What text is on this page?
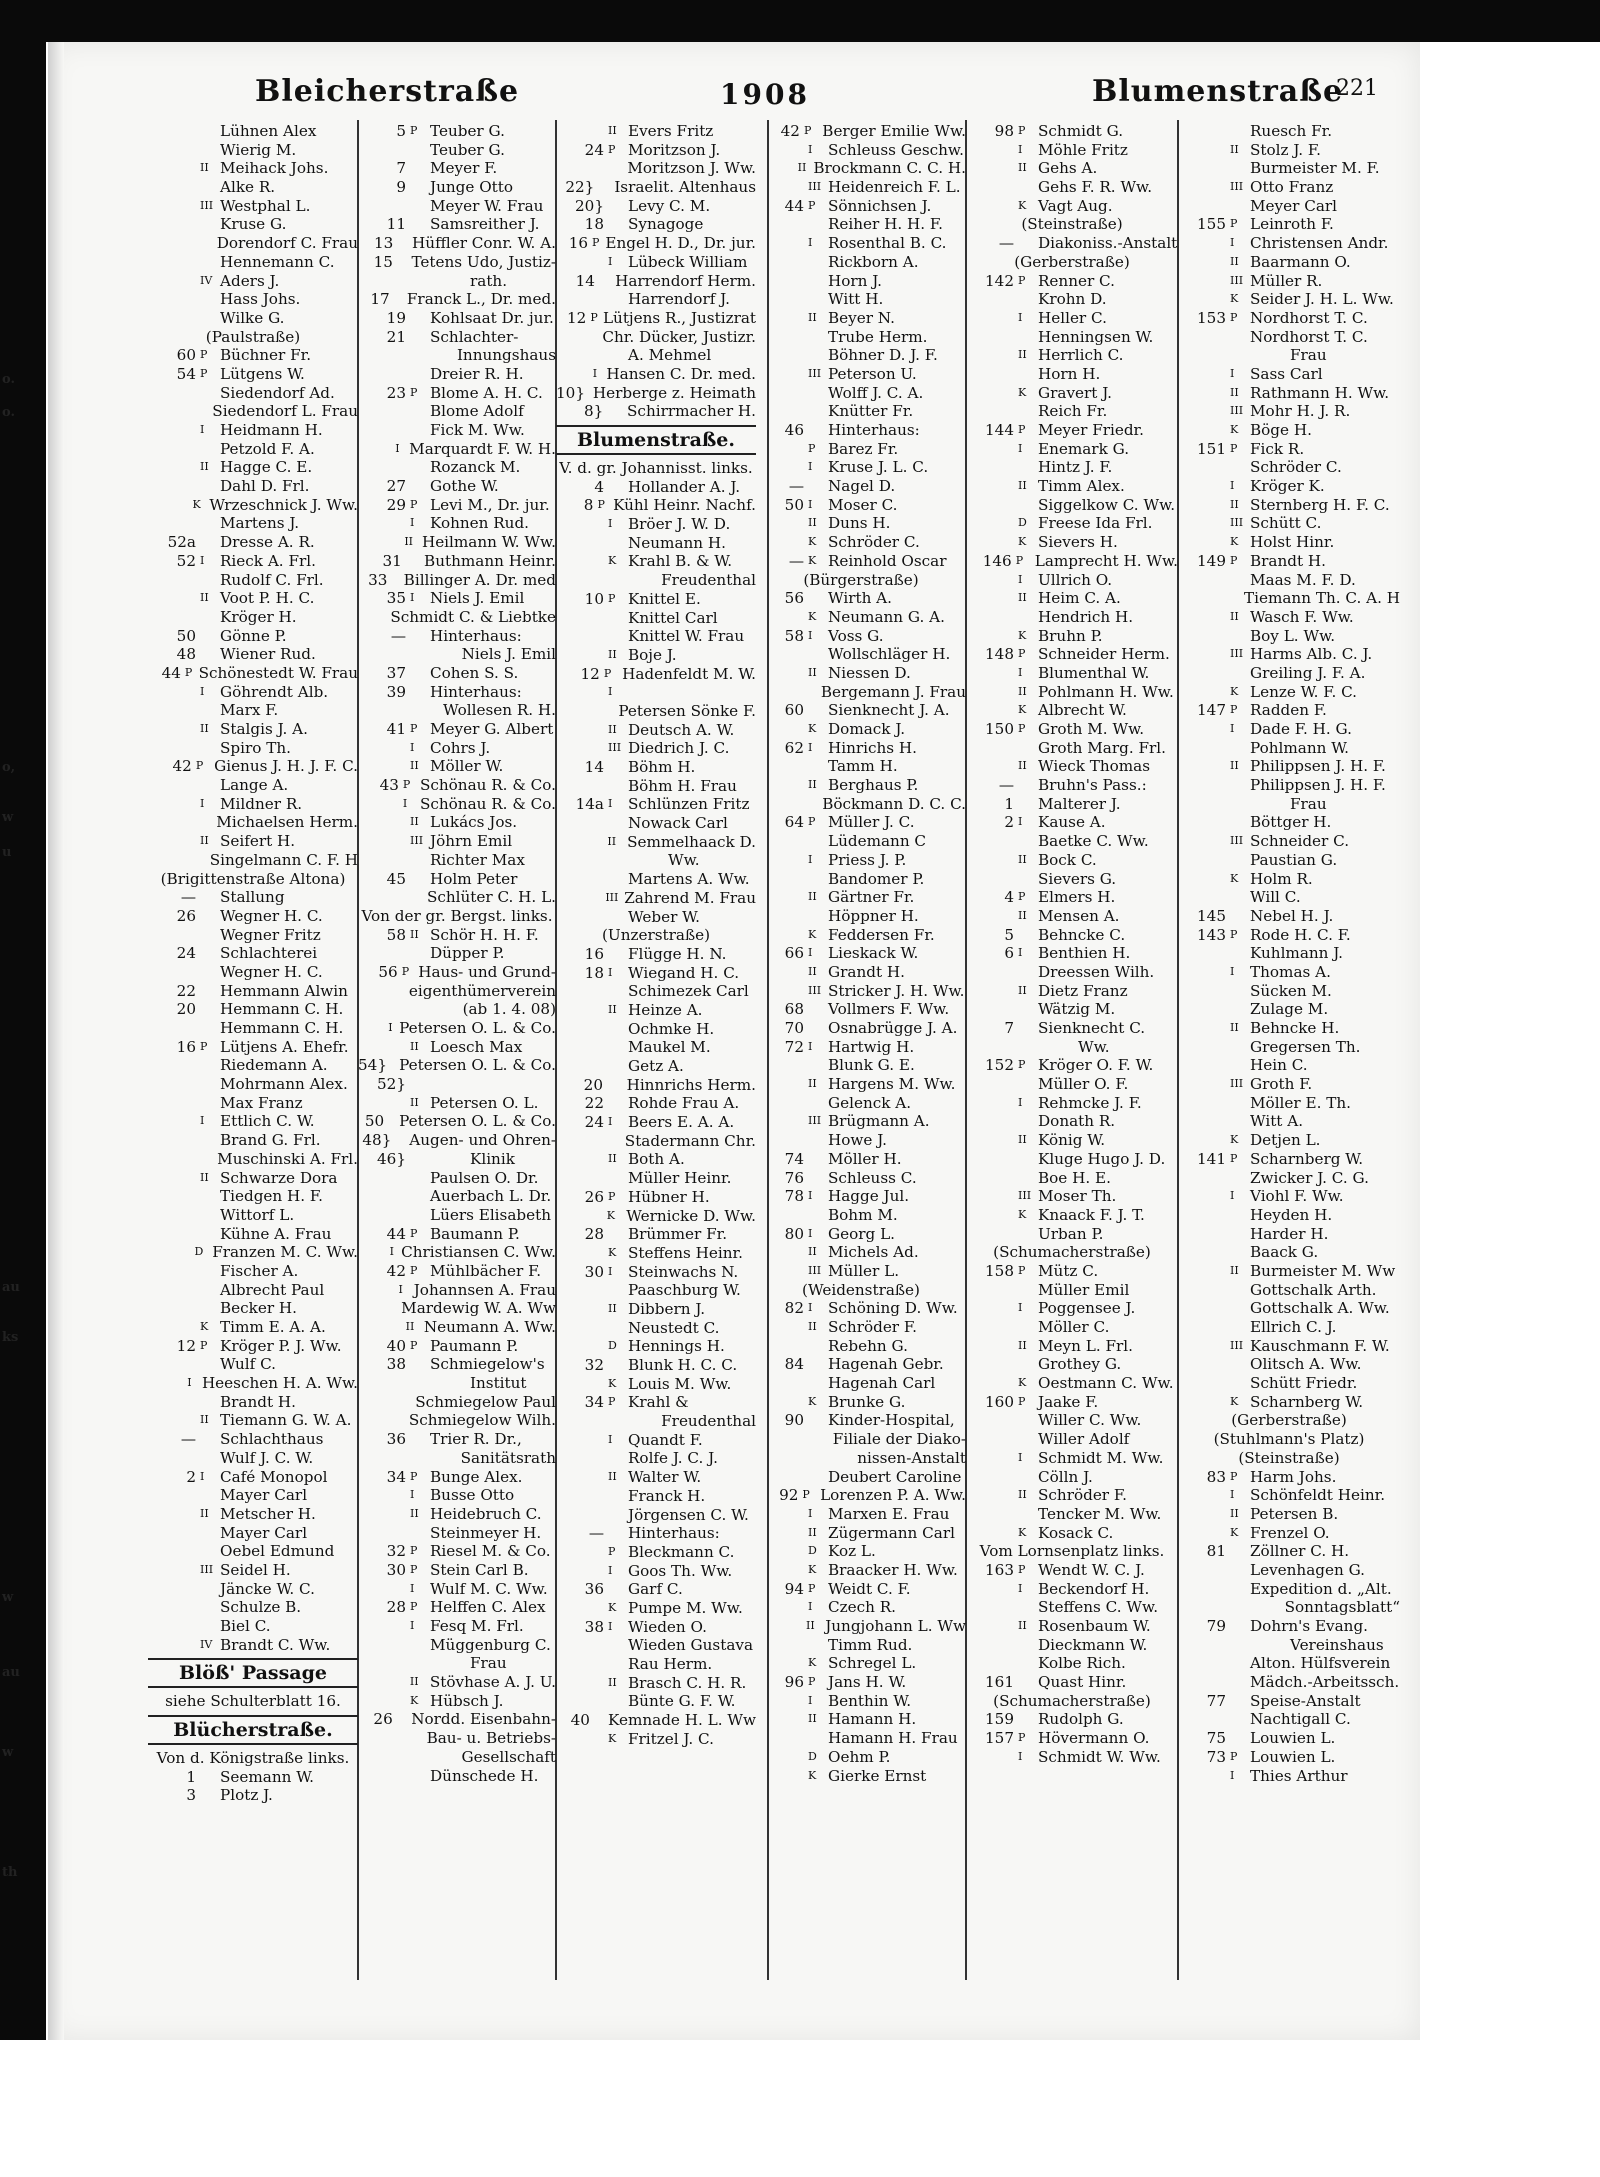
o.
o.
o,
w
u
au
ks
w
au
w
th
Bleicherstraße	1908	Blumenstraße
221
Lühnen Alex
Wierig M.
II Meihack Johs.
Alke R.
III Westphal L.
Kruse G.
Dorendorf C. Frau
Hennemann C.
IV Aders J.
Hass Johs.
Wilke G.
(Paulstraße)
60 P Büchner Fr.
54 P Lütgens W.
Siedendorf Ad.
Siedendorf L. Frau
I	Heidmann H.
Petzold F. A.
II Hagge C. E.
Dahl D. Frl.
K Wrzeschnick J. Ww.
Martens J.
52a Dresse A. R.
52 I	Rieck A. Frl.
Rudolf C. Frl.
II Voot P. H. C.
Kröger H.
50 Gönne P.
48 Wiener Rud.
44 P Schönestedt W. Frau
I	Göhrendt Alb.
Marx F.
II Stalgis J. A.
Spiro Th.
42 P Gienus J. H. J. F. C.
Lange A.
I	Mildner R.
Michaelsen Herm.
II Seifert H.
Singelmann C. F. H
(Brigittenstraße Altona)
— Stallung
26 Wegner H. C.
Wegner Fritz
24 Schlachterei
Wegner H. C.
22 Hemmann Alwin
20 Hemmann C. H.
Hemmann C. H.
16 P Lütjens A. Ehefr.
Riedemann A.
Mohrmann Alex.
Max Franz
I	Ettlich C. W.
Brand G. Frl.
Muschinski A. Frl.
II Schwarze Dora
Tiedgen H. F.
Wittorf L.
Kühne A. Frau
D Franzen M. C. Ww.
Fischer A.
Albrecht Paul
Becker H.
K Timm E. A. A.
12 P Kröger P. J. Ww.
Wulf C.
I Heeschen H. A. Ww.
Brandt H.
II Tiemann G. W. A.
— Schlachthaus
Wulf J. C. W.
2 I	Café Monopol
Mayer Carl
II Metscher H.
Mayer Carl
Oebel Edmund
III Seidel H.
Jäncke W. C.
Schulze B.
Biel C.
IV Brandt C. Ww.
Blöß' Passage
siehe Schulterblatt 16.
Blücherstraße.
Von d. Königstraße links.
1 Seemann W.
3 Plotz J.
5 P Teuber G.
Teuber G.
7 Meyer F.
9 Junge Otto
Meyer W. Frau
11 Samsreither J.
13 Hüffler Conr. W. A.
15 Tetens Udo, Justiz-
rath.
17 Franck L., Dr. med.
19 Kohlsaat Dr. jur.
21 Schlachter-
Innungshaus
Dreier R. H.
23 P Blome A. H. C.
Blome Adolf
Fick M. Ww.
I Marquardt F. W. H.
Rozanck M.
27 Gothe W.
29 P Levi M., Dr. jur.
I	Kohnen Rud.
II Heilmann W. Ww.
31 Buthmann Heinr.
33 Billinger A. Dr. med
35 I	Niels J. Emil
Schmidt C. & Liebtke
— Hinterhaus:
Niels J. Emil
37 Cohen S. S.
39 Hinterhaus:
Wollesen R. H.
41 P Meyer G. Albert
I	Cohrs J.
II Möller W.
43 P Schönau R. & Co.
I Schönau R. & Co.
II Lukács Jos.
III Jöhrn Emil
Richter Max
45 Holm Peter
Schlüter C. H. L.
Von der gr. Bergst. links.
58 II Schör H. H. F.
Düpper P.
56 P Haus- und Grund-
eigenthümerverein
(ab 1. 4. 08)
I Petersen O. L. & Co.
II Loesch Max
54} Petersen O. L. & Co.
52}
II Petersen O. L.
50 Petersen O. L. & Co.
48} Augen- und Ohren-
46}	Klinik
Paulsen O. Dr.
Auerbach L. Dr.
Lüers Elisabeth
44 P Baumann P.
I Christiansen C. Ww.
42 P Mühlbächer F.
I Johannsen A. Frau
Mardewig W. A. Ww
II Neumann A. Ww.
40 P Paumann P.
38 Schmiegelow's
Institut
Schmiegelow Paul
Schmiegelow Wilh.
36 Trier R. Dr.,
Sanitätsrath
34 P Bunge Alex.
I	Busse Otto
II Heidebruch C.
Steinmeyer H.
32 P Riesel M. & Co.
30 P Stein Carl B.
I	Wulf M. C. Ww.
28 P Helffen C. Alex
I	Fesq M. Frl.
Müggenburg C.
Frau
II Stövhase A. J. U.
K Hübsch J.
26 Nordd. Eisenbahn-
Bau- u. Betriebs-
Gesellschaft
Dünschede H.
II Evers Fritz
24 P Moritzson J.
Moritzson J. Ww.
22} Israelit. Altenhaus
20} Levy C. M.
18 Synagoge
16 P Engel H. D., Dr. jur.
I	Lübeck William
14 Harrendorf Herm.
Harrendorf J.
12 P Lütjens R., Justizrat
Chr. Dücker, Justizr.
A. Mehmel
I Hansen C. Dr. med.
10} Herberge z. Heimath
8} Schirrmacher H.
Blumenstraße.
V. d. gr. Johannisst. links.
4 Hollander A. J.
8 P Kühl Heinr. Nachf.
I	Bröer J. W. D.
Neumann H.
K Krahl B. & W.
Freudenthal
10 P Knittel E.
Knittel Carl
Knittel W. Frau
II Boje J.
12 P Hadenfeldt M. W.
I
Petersen Sönke F.
II Deutsch A. W.
III Diedrich J. C.
14 Böhm H.
Böhm H. Frau
14a I	Schlünzen Fritz
Nowack Carl
II Semmelhaack D.
Ww.
Martens A. Ww.
III Zahrend M. Frau
Weber W.
(Unzerstraße)
16 Flügge H. N.
18 I	Wiegand H. C.
Schimezek Carl
II Heinze A.
Ochmke H.
Maukel M.
Getz A.
20 Hinnrichs Herm.
22 Rohde Frau A.
24 I	Beers E. A. A.
Stadermann Chr.
II Both A.
Müller Heinr.
26 P Hübner H.
K Wernicke D. Ww.
28 Brümmer Fr.
K Steffens Heinr.
30 I	Steinwachs N.
Paaschburg W.
II Dibbern J.
Neustedt C.
D Hennings H.
32 Blunk H. C. C.
K Louis M. Ww.
34 P Krahl &
Freudenthal
I	Quandt F.
Rolfe J. C. J.
II Walter W.
Franck H.
Jörgensen C. W.
— Hinterhaus:
P Bleckmann C.
I	Goos Th. Ww.
36 Garf C.
K Pumpe M. Ww.
38 I	Wieden O.
Wieden Gustava
Rau Herm.
II Brasch C. H. R.
Bünte G. F. W.
40 Kemnade H. L. Ww
K Fritzel J. C.
42 P Berger Emilie Ww.
I	Schleuss Geschw.
II Brockmann C. C. H.
III Heidenreich F. L.
44 P Sönnichsen J.
Reiher H. H. F.
I	Rosenthal B. C.
Rickborn A.
Horn J.
Witt H.
II Beyer N.
Trube Herm.
Böhner D. J. F.
III Peterson U.
Wolff J. C. A.
Knütter Fr.
46 Hinterhaus:
P Barez Fr.
I	Kruse J. L. C.
— Nagel D.
50 I	Moser C.
II Duns H.
K Schröder C.
— K Reinhold Oscar
(Bürgerstraße)
56 Wirth A.
K Neumann G. A.
58 I	Voss G.
Wollschläger H.
II Niessen D.
Bergemann J. Frau
60 Sienknecht J. A.
K Domack J.
62 I	Hinrichs H.
Tamm H.
II Berghaus P.
Böckmann D. C. C.
64 P Müller J. C.
Lüdemann C
I	Priess J. P.
Bandomer P.
II Gärtner Fr.
Höppner H.
K Feddersen Fr.
66 I	Lieskack W.
II Grandt H.
III Stricker J. H. Ww.
68 Vollmers F. Ww.
70 Osnabrügge J. A.
72 I	Hartwig H.
Blunk G. E.
II Hargens M. Ww.
Gelenck A.
III Brügmann A.
Howe J.
74 Möller H.
76 Schleuss C.
78 I	Hagge Jul.
Bohm M.
80 I	Georg L.
II Michels Ad.
III Müller L.
(Weidenstraße)
82 I	Schöning D. Ww.
II Schröder F.
Rebehn G.
84 Hagenah Gebr.
Hagenah Carl
K Brunke G.
90 Kinder-Hospital,
Filiale der Diako-
nissen-Anstalt
Deubert Caroline
92 P Lorenzen P. A. Ww.
I	Marxen E. Frau
II Zügermann Carl
D Koz L.
K Braacker H. Ww.
94 P Weidt C. F.
I	Czech R.
II Jungjohann L. Ww
Timm Rud.
K Schregel L.
96 P Jans H. W.
I	Benthin W.
II Hamann H.
Hamann H. Frau
D Oehm P.
K Gierke Ernst
98 P Schmidt G.
I	Möhle Fritz
II Gehs A.
Gehs F. R. Ww.
K Vagt Aug.
(Steinstraße)
— Diakoniss.-Anstalt
(Gerberstraße)
142 P Renner C.
Krohn D.
I	Heller C.
Henningsen W.
II Herrlich C.
Horn H.
K Gravert J.
Reich Fr.
144 P Meyer Friedr.
I	Enemark G.
Hintz J. F.
II Timm Alex.
Siggelkow C. Ww.
D Freese Ida Frl.
K Sievers H.
146 P Lamprecht H. Ww.
I	Ullrich O.
II Heim C. A.
Hendrich H.
K Bruhn P.
148 P Schneider Herm.
I	Blumenthal W.
II Pohlmann H. Ww.
K Albrecht W.
150 P Groth M. Ww.
Groth Marg. Frl.
II Wieck Thomas
— Bruhn's Pass.:
1 Malterer J.
2 I	Kause A.
Baetke C. Ww.
II Bock C.
Sievers G.
4 P Elmers H.
II Mensen A.
5 Behncke C.
6 I	Benthien H.
Dreessen Wilh.
II Dietz Franz
Wätzig M.
7 Sienknecht C.
Ww.
152 P Kröger O. F. W.
Müller O. F.
I	Rehmcke J. F.
Donath R.
II König W.
Kluge Hugo J. D.
Boe H. E.
III Moser Th.
K Knaack F. J. T.
Urban P.
(Schumacherstraße)
158 P Mütz C.
Müller Emil
I	Poggensee J.
Möller C.
II Meyn L. Frl.
Grothey G.
K Oestmann C. Ww.
160 P Jaake F.
Willer C. Ww.
Willer Adolf
I	Schmidt M. Ww.
Cölln J.
II Schröder F.
Tencker M. Ww.
K Kosack C.
Vom Lornsenplatz links.
163 P Wendt W. C. J.
I	Beckendorf H.
Steffens C. Ww.
II Rosenbaum W.
Dieckmann W.
Kolbe Rich.
161 Quast Hinr.
(Schumacherstraße)
159 Rudolph G.
157 P Hövermann O.
I	Schmidt W. Ww.
Ruesch Fr.
II Stolz J. F.
Burmeister M. F.
III Otto Franz
Meyer Carl
155 P Leinroth F.
I	Christensen Andr.
II Baarmann O.
III Müller R.
K Seider J. H. L. Ww.
153 P Nordhorst T. C.
Nordhorst T. C.
Frau
I	Sass Carl
II Rathmann H. Ww.
III Mohr H. J. R.
K Böge H.
151 P Fick R.
Schröder C.
I	Kröger K.
II Sternberg H. F. C.
III Schütt C.
K Holst Hinr.
149 P Brandt H.
Maas M. F. D.
Tiemann Th. C. A. H
II Wasch F. Ww.
Boy L. Ww.
III Harms Alb. C. J.
Greiling J. F. A.
K Lenze W. F. C.
147 P Radden F.
I	Dade F. H. G.
Pohlmann W.
II Philippsen J. H. F.
Philippsen J. H. F.
Frau
Böttger H.
III Schneider C.
Paustian G.
K Holm R.
Will C.
145 Nebel H. J.
143 P Rode H. C. F.
Kuhlmann J.
I	Thomas A.
Sücken M.
Zulage M.
II Behncke H.
Gregersen Th.
Hein C.
III Groth F.
Möller E. Th.
Witt A.
K Detjen L.
141 P Scharnberg W.
Zwicker J. C. G.
I	Viohl F. Ww.
Heyden H.
Harder H.
Baack G.
II Burmeister M. Ww
Gottschalk Arth.
Gottschalk A. Ww.
Ellrich C. J.
III Kauschmann F. W.
Olitsch A. Ww.
Schütt Friedr.
K Scharnberg W.
(Gerberstraße)
(Stuhlmann's Platz)
(Steinstraße)
83 P Harm Johs.
I	Schönfeldt Heinr.
II Petersen B.
K Frenzel O.
81 Zöllner C. H.
Levenhagen G.
Expedition d. „Alt.
Sonntagsblatt“
79 Dohrn's Evang.
Vereinshaus
Alton. Hülfsverein
Mädch.-Arbeitssch.
77 Speise-Anstalt
Nachtigall C.
75 Louwien L.
73 P Louwien L.
I	Thies Arthur
